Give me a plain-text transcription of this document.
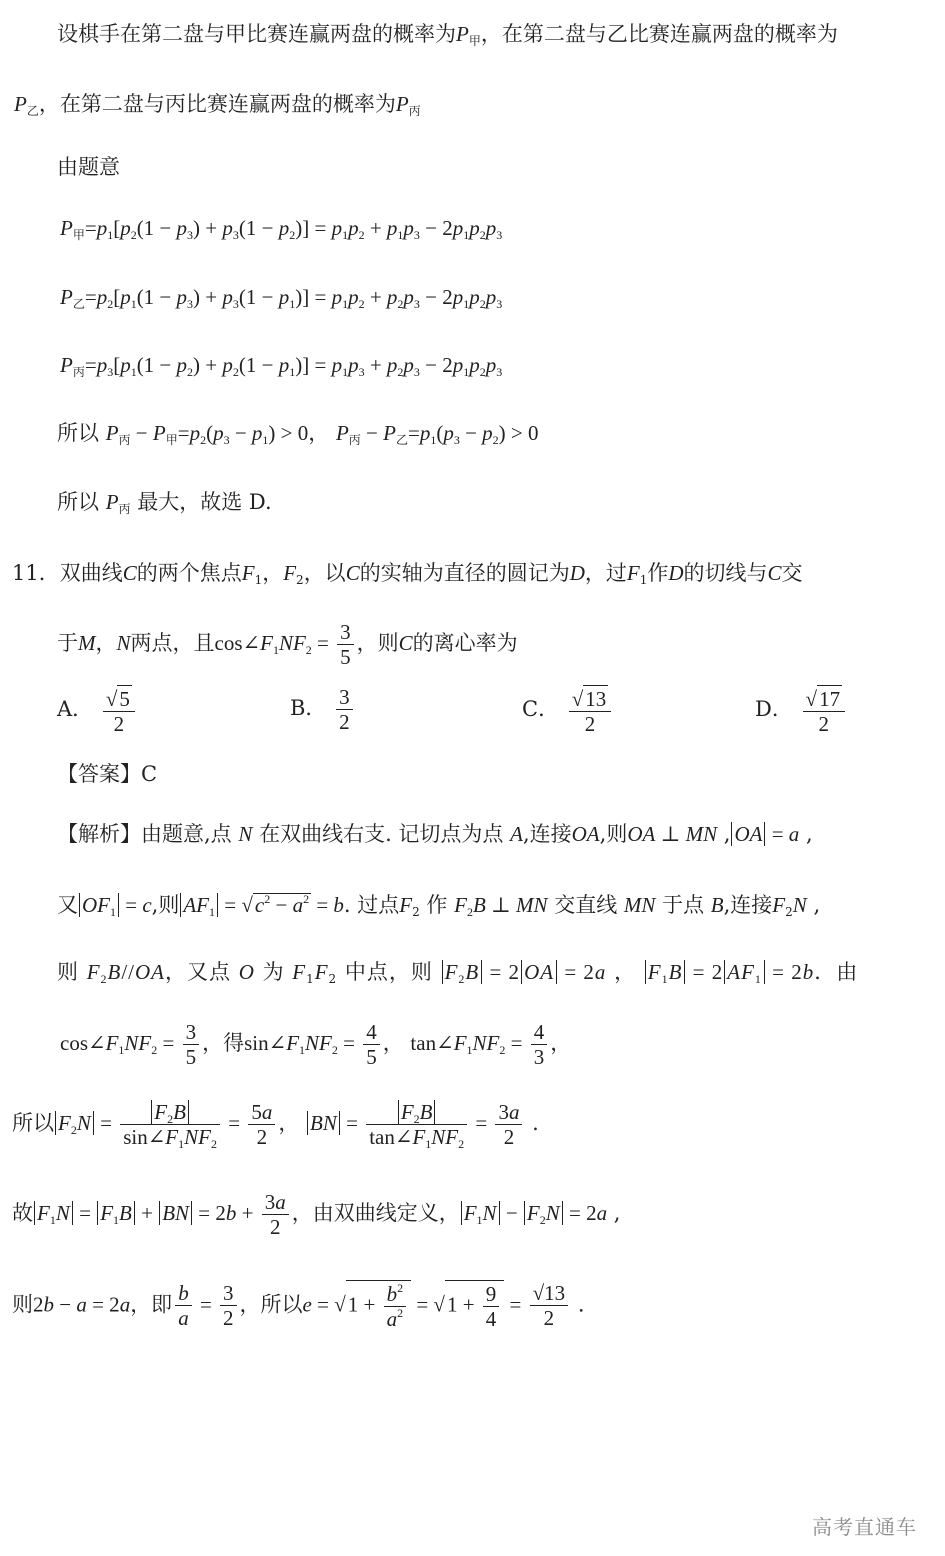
设棋手在第二盘与甲比赛连赢两盘的概率为$P_甲$，在第二盘与乙比赛连赢两盘的概率为
$P_乙$，在第二盘与丙比赛连赢两盘的概率为$P_丙$
由题意
$P_甲=p_1[p_2(1 - p_3) + p_3(1 - p_2)] = p_1p_2 + p_1p_3 - 2p_1p_2p_3$
$P_乙=p_2[p_1(1 - p_3) + p_3(1 - p_1)] = p_1p_2 + p_2p_3 - 2p_1p_2p_3$
$P_丙=p_3[p_1(1 - p_2) + p_2(1 - p_1)] = p_1p_3 + p_2p_3 - 2p_1p_2p_3$
所以 $P_丙 - P_甲=p_2(p_3 - p_1) > 0$， $P_丙 - P_乙=p_1(p_3 - p_2) > 0$
所以 $P_丙$ 最大，故选 D.
11．双曲线C的两个焦点$F_1$，$F_2$，以C的实轴为直径的圆记为D，过$F_1$作D的切线与C交
于M，N两点，且$\cos\angle F_1NF_2 = \frac{3}{5}$ ，则C的离心率为
A． $\frac{√5}{2}$	B． $\frac{3}{2}$	C． $\frac{√13}{2}$	D． $\frac{√17}{2}$
【答案】C
【解析】由题意,点 N 在双曲线右支. 记切点为点 A,连接OA,则OA ⊥ MN , OA = a ,
又 $OF_1 = c$,则 $AF_1 = √c^2 - a^2 = b$. 过点$F_2$ 作 $F_2B$ ⊥ MN 交直线 MN 于点 B,连接$F_2N$ ,
则 $F_2B//OA$，又点 O 为 $F_1F_2$ 中点，则 $F_2B = 2$ OA = 2a ， $F_1B = 2$ $AF_1 = 2b$．由
$\cos\angle F_1NF_2 = \frac{3}{5}$ ，得$\sin\angle F_1NF_2 = \frac{4}{5}$ ， $\tan\angle F_1NF_2 = \frac{4}{3}$ ，
所以 $F_2N = \frac{F_2B}{\sin\angle F_1NF_2} = \frac{5a}{2}$ ， BN = $\frac{F_2B}{\tan\angle F_1NF_2} = \frac{3a}{2}$ .
故 $F_1N = F_1B$ + BN = $2b + \frac{3a}{2}$ ，由双曲线定义， $F_1N - F_2N = 2a$ ,
则2b − a = 2a，即 $\frac{b}{a} = \frac{3}{2}$ ，所以$e = √1 + \frac{b^2}{a^2} = √1 + \frac{9}{4} = \frac{√13}{2}$ .
高考直通车
